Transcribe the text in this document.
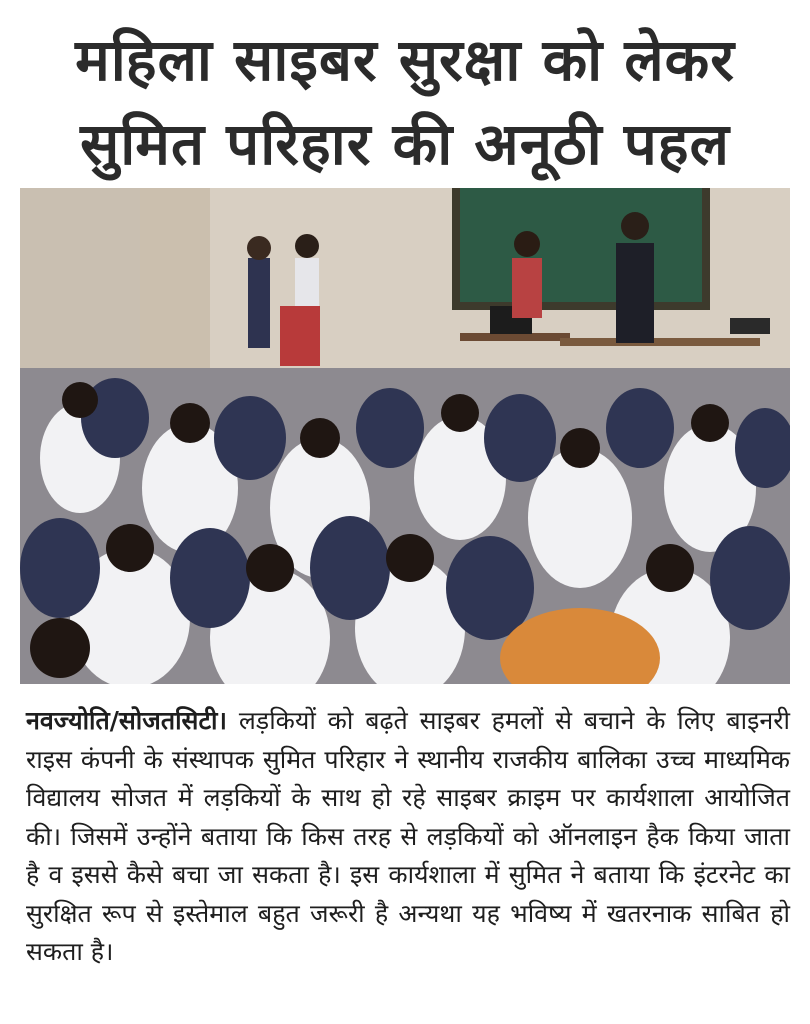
महिला साइबर सुरक्षा को लेकर
सुमित परिहार की अनूठी पहल
नवज्योति/सोजतसिटी। लड़कियों को बढ़ते साइबर हमलों से बचाने के लिए बाइनरी राइस कंपनी के संस्थापक सुमित परिहार ने स्थानीय राजकीय बालिका उच्च माध्यमिक विद्यालय सोजत में लड़कियों के साथ हो रहे साइबर क्राइम पर कार्यशाला आयोजित की। जिसमें उन्होंने बताया कि किस तरह से लड़कियों को ऑनलाइन हैक किया जाता है व इससे कैसे बचा जा सकता है। इस कार्यशाला में सुमित ने बताया कि इंटरनेट का सुरक्षित रूप से इस्तेमाल बहुत जरूरी है अन्यथा यह भविष्य में खतरनाक साबित हो सकता है।
